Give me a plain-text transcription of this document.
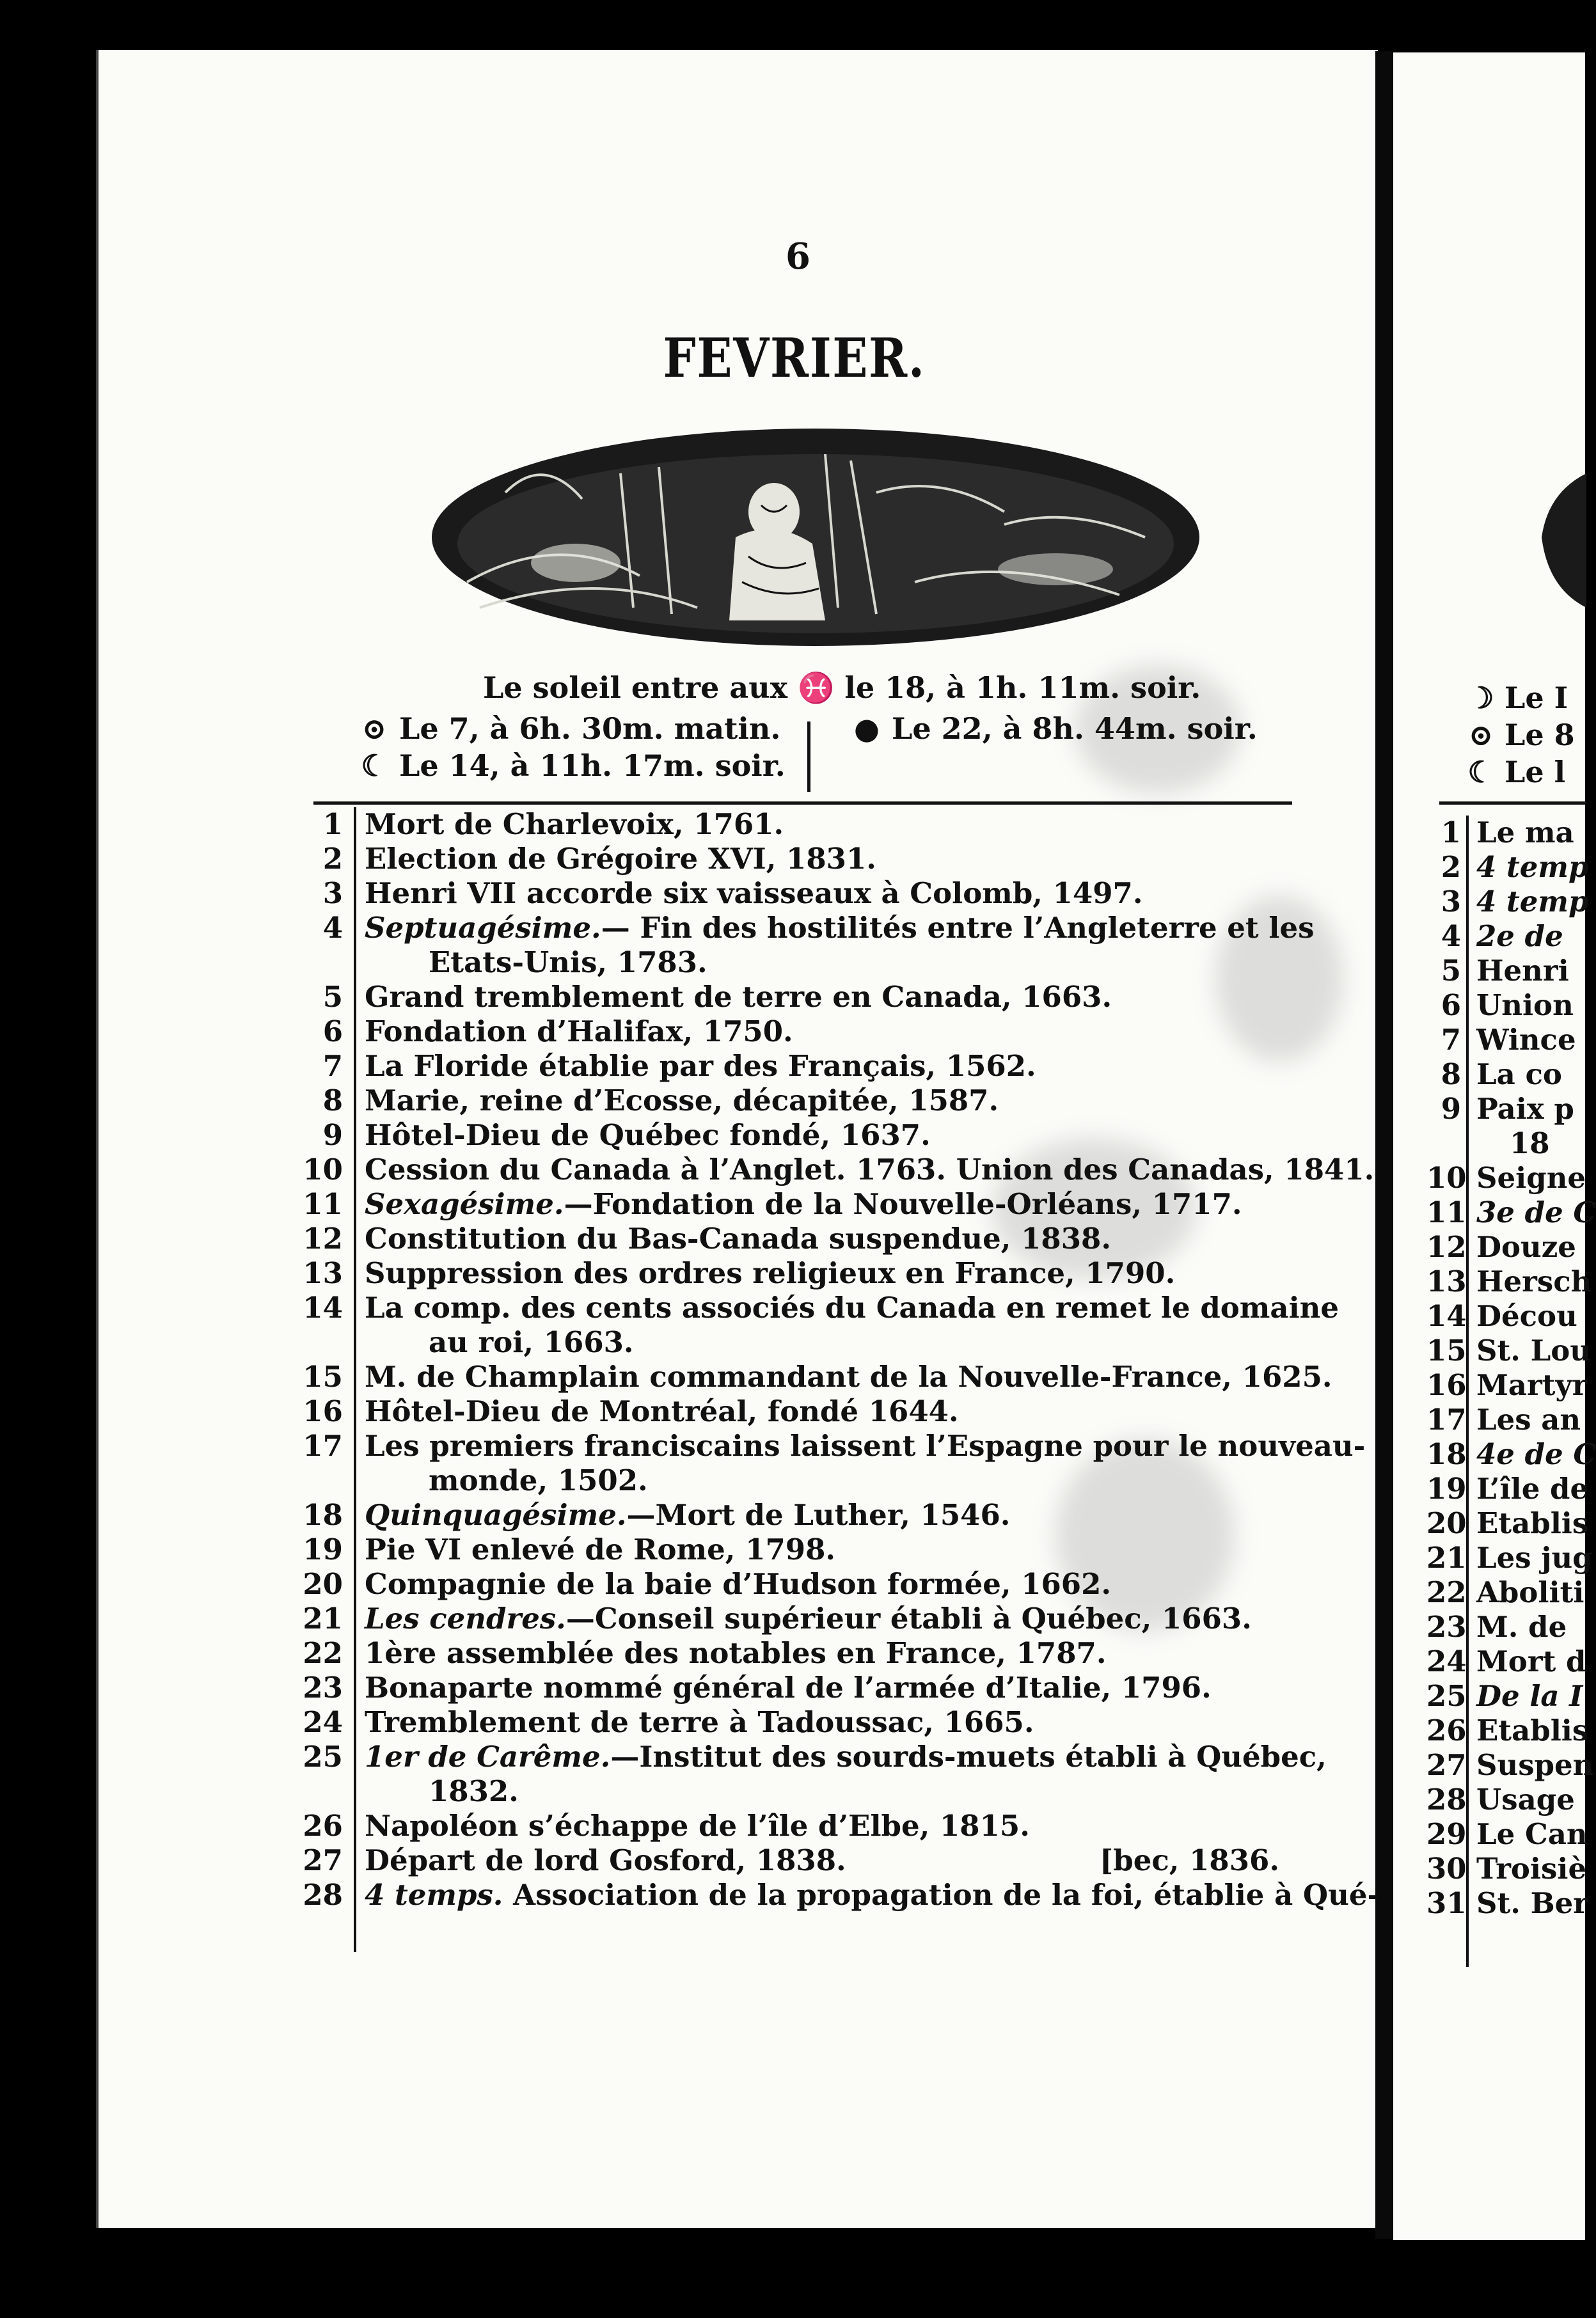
6
FEVRIER.
Le soleil entre aux ♓ le 18, à 1h. 11m. soir.
⊙ Le 7, à 6h. 30m. matin.
☾ Le 14, à 11h. 17m. soir.
● Le 22, à 8h. 44m. soir.
1 Mort de Charlevoix, 1761.
2 Election de Grégoire XVI, 1831.
3 Henri VII accorde six vaisseaux à Colomb, 1497.
4 Septuagésime.— Fin des hostilités entre l’Angleterre et les
Etats-Unis, 1783.
5 Grand tremblement de terre en Canada, 1663.
6 Fondation d’Halifax, 1750.
7 La Floride établie par des Français, 1562.
8 Marie, reine d’Ecosse, décapitée, 1587.
9 Hôtel-Dieu de Québec fondé, 1637.
10 Cession du Canada à l’Anglet. 1763. Union des Canadas, 1841.
11 Sexagésime.—Fondation de la Nouvelle-Orléans, 1717.
12 Constitution du Bas-Canada suspendue, 1838.
13 Suppression des ordres religieux en France, 1790.
14 La comp. des cents associés du Canada en remet le domaine
au roi, 1663.
15 M. de Champlain commandant de la Nouvelle-France, 1625.
16 Hôtel-Dieu de Montréal, fondé 1644.
17 Les premiers franciscains laissent l’Espagne pour le nouveau-
monde, 1502.
18 Quinquagésime.—Mort de Luther, 1546.
19 Pie VI enlevé de Rome, 1798.
20 Compagnie de la baie d’Hudson formée, 1662.
21 Les cendres.—Conseil supérieur établi à Québec, 1663.
22 1ère assemblée des notables en France, 1787.
23 Bonaparte nommé général de l’armée d’Italie, 1796.
24 Tremblement de terre à Tadoussac, 1665.
25 1er de Carême.—Institut des sourds-muets établi à Québec,
1832.
26 Napoléon s’échappe de l’île d’Elbe, 1815.
27 Départ de lord Gosford, 1838.	[bec, 1836.
28 4 temps. Association de la propagation de la foi, établie à Qué-
☽ Le I
⊙ Le 8
☾ Le l
1 Le ma
2 4 temp
3 4 temp
4 2e de
5 Henri
6 Union
7 Wince
8 La co
9 Paix p

18
10 Seigne
11 3e de C
12 Douze
13 Hersch
14 Décou
15 St. Lou
16 Martyr
17 Les an
18 4e de C
19 L’île de
20 Etablis
21 Les jug
22 Aboliti
23 M. de
24 Mort d
25 De la I
26 Etablis
27 Suspen
28 Usage
29 Le Can
30 Troisiè
31 St. Ber
